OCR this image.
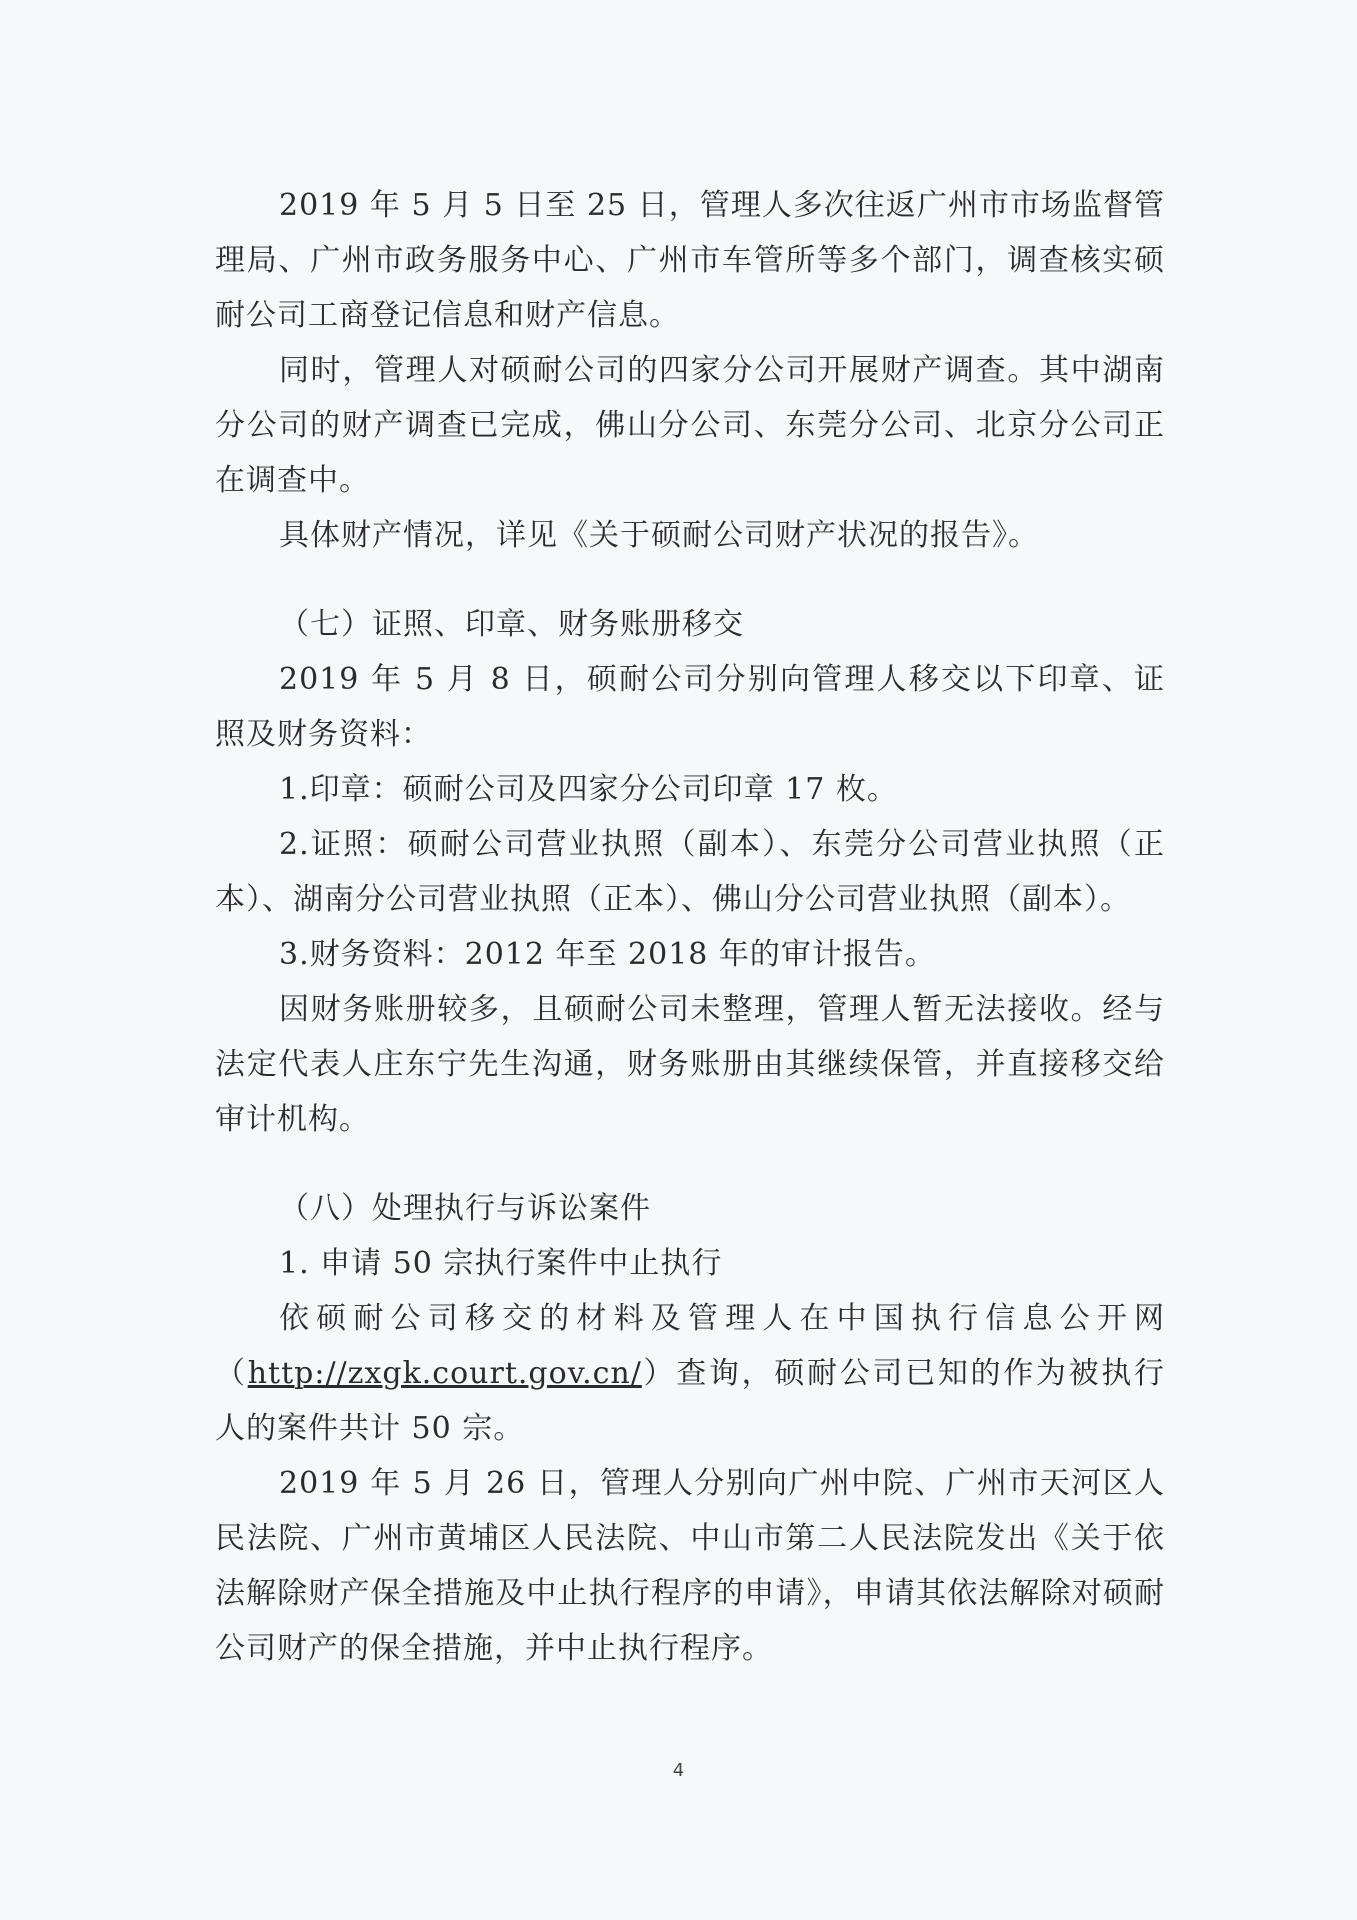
2019 年 5 月 5 日至 25 日，管理人多次往返广州市市场监督管理局、广州市政务服务中心、广州市车管所等多个部门，调查核实硕耐公司工商登记信息和财产信息。

同时，管理人对硕耐公司的四家分公司开展财产调查。其中湖南分公司的财产调查已完成，佛山分公司、东莞分公司、北京分公司正在调查中。

具体财产情况，详见《关于硕耐公司财产状况的报告》。

（七）证照、印章、财务账册移交

2019 年 5 月 8 日，硕耐公司分别向管理人移交以下印章、证照及财务资料：

1.印章：硕耐公司及四家分公司印章 17 枚。

2.证照：硕耐公司营业执照（副本）、东莞分公司营业执照（正本）、湖南分公司营业执照（正本）、佛山分公司营业执照（副本）。

3.财务资料：2012 年至 2018 年的审计报告。

因财务账册较多，且硕耐公司未整理，管理人暂无法接收。经与法定代表人庄东宁先生沟通，财务账册由其继续保管，并直接移交给审计机构。

（八）处理执行与诉讼案件

1. 申请 50 宗执行案件中止执行

依硕耐公司移交的材料及管理人在中国执行信息公开网（http://zxgk.court.gov.cn/）查询，硕耐公司已知的作为被执行人的案件共计 50 宗。

2019 年 5 月 26 日，管理人分别向广州中院、广州市天河区人民法院、广州市黄埔区人民法院、中山市第二人民法院发出《关于依法解除财产保全措施及中止执行程序的申请》，申请其依法解除对硕耐公司财产的保全措施，并中止执行程序。

4
